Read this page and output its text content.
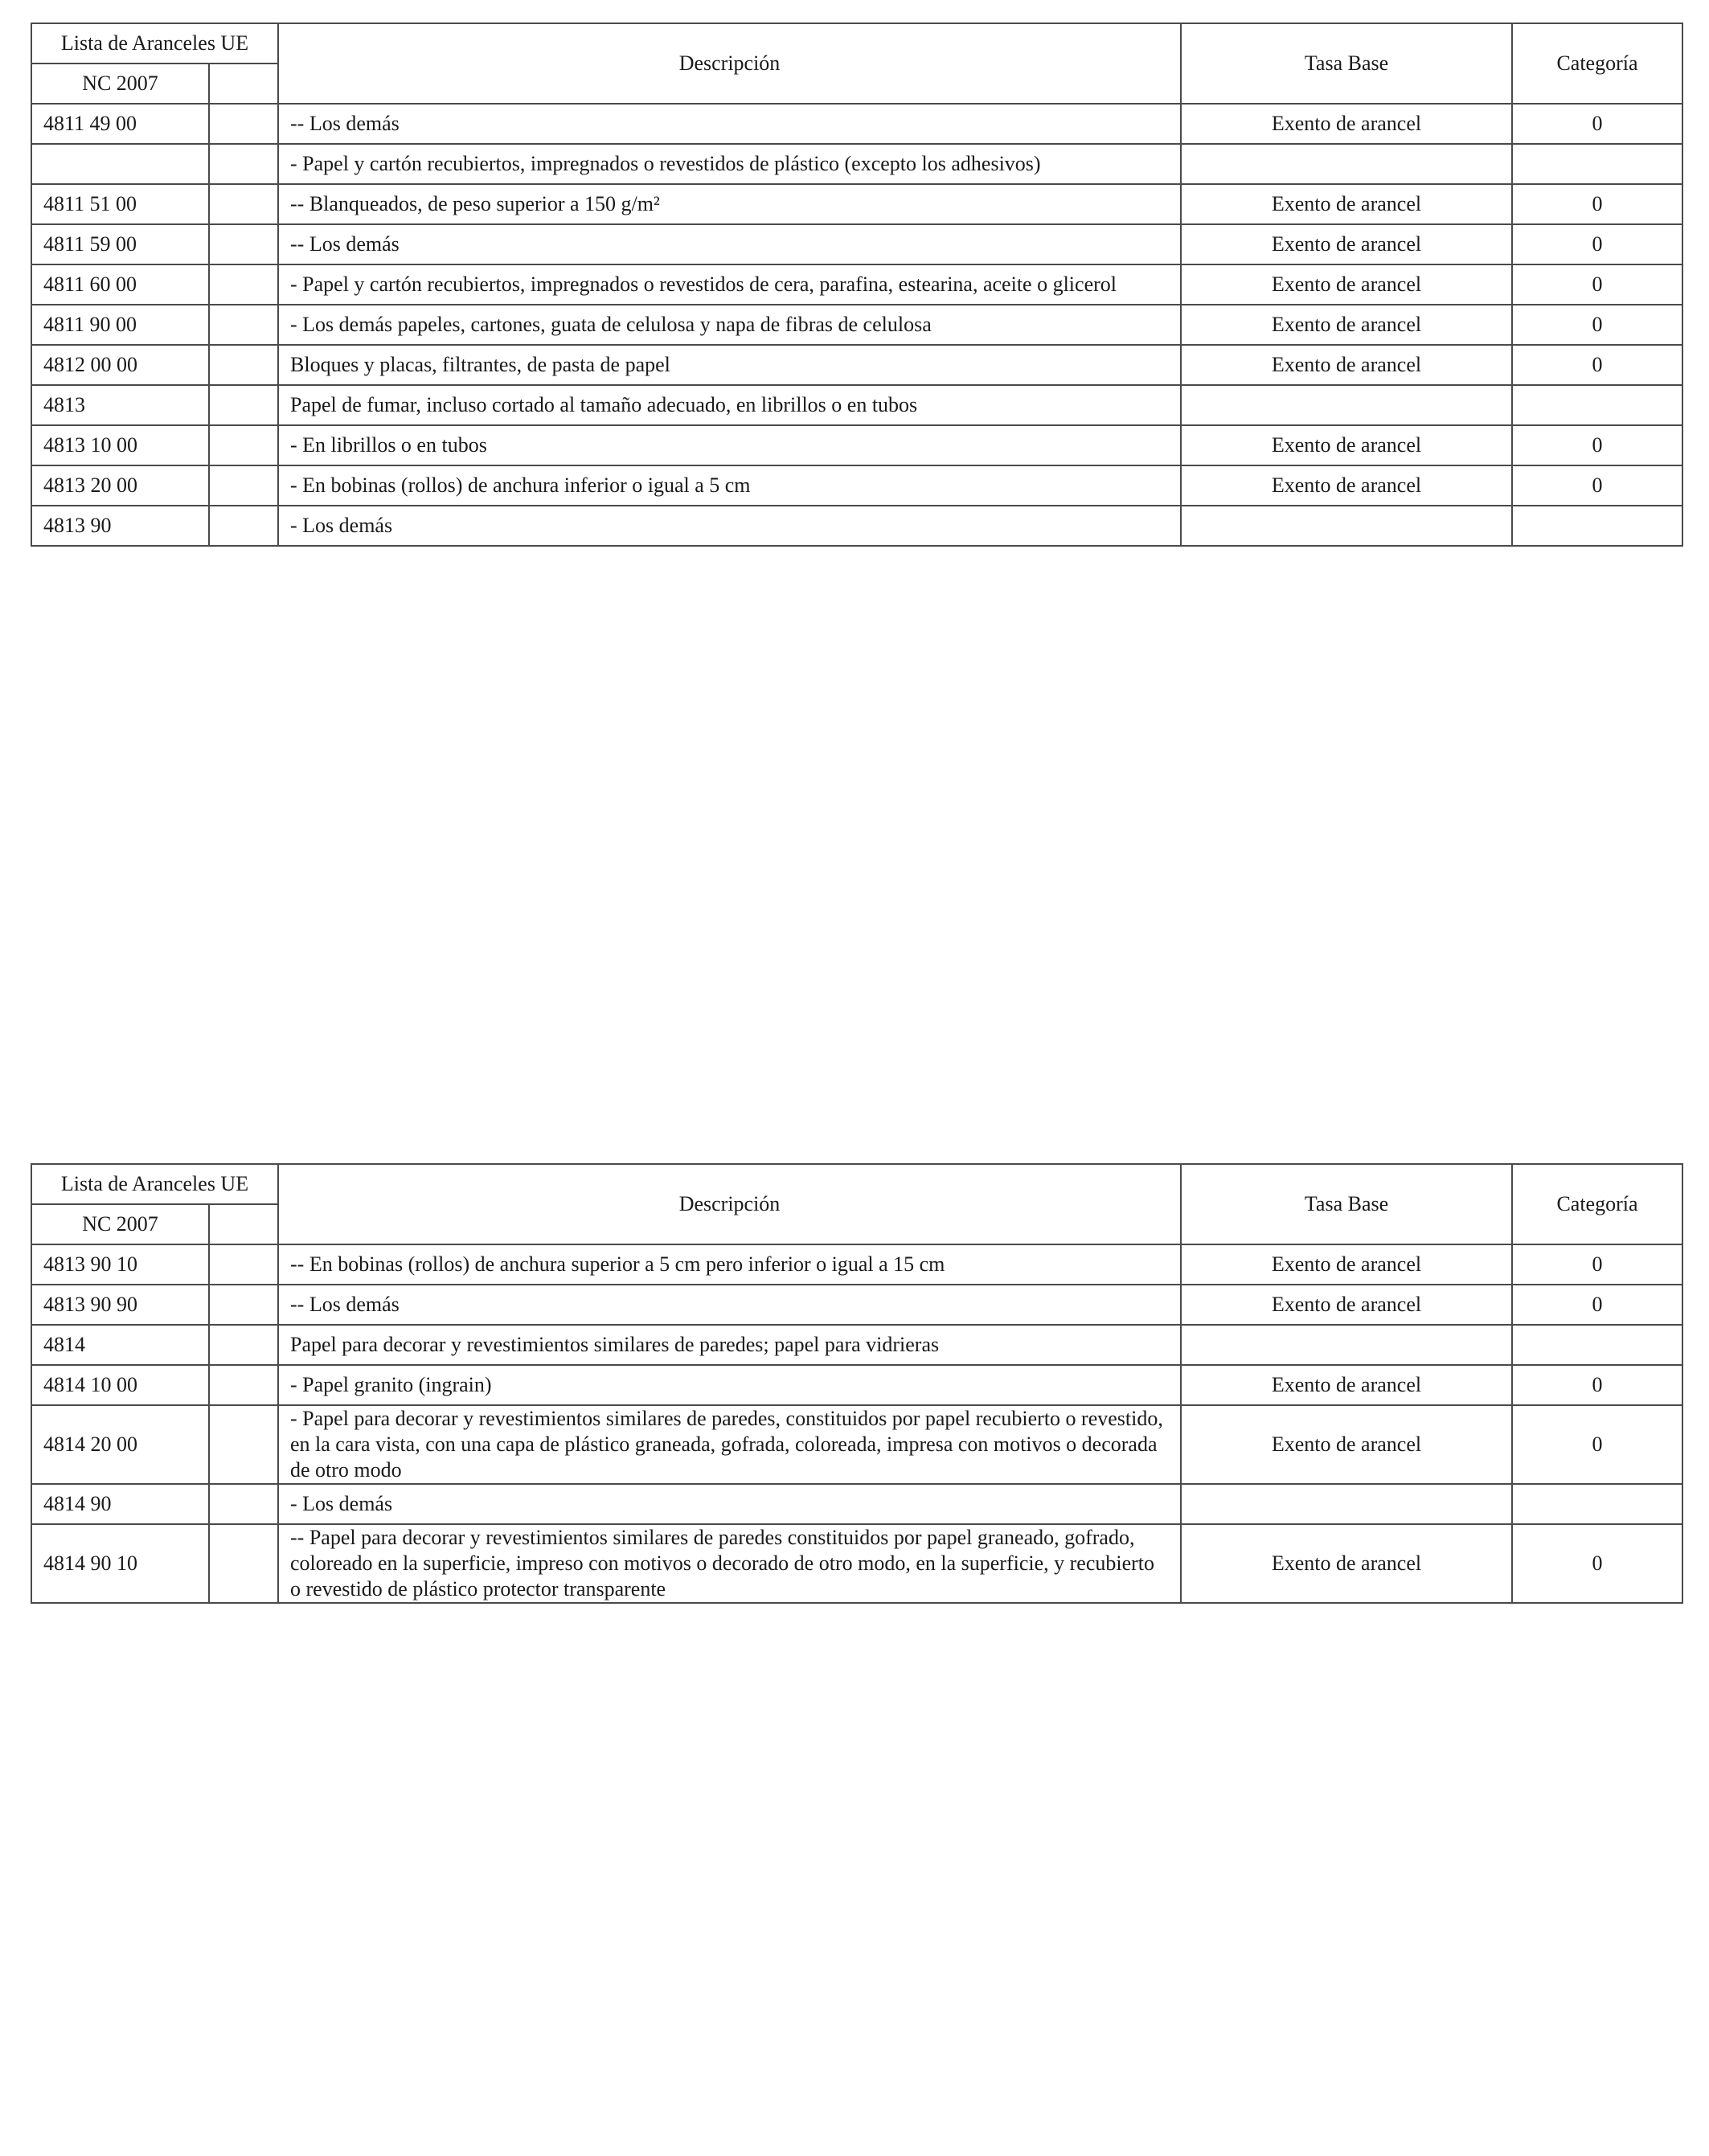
Lista de Aranceles UE		Descripción	Tasa Base	Categoría
NC 2007				
4811 49 00		-- Los demás	Exento de arancel	0
		- Papel y cartón recubiertos, impregnados o revestidos de plástico (excepto los adhesivos)		
4811 51 00		-- Blanqueados, de peso superior a 150 g/m²	Exento de arancel	0
4811 59 00		-- Los demás	Exento de arancel	0
4811 60 00		- Papel y cartón recubiertos, impregnados o revestidos de cera, parafina, estearina, aceite o glicerol	Exento de arancel	0
4811 90 00		- Los demás papeles, cartones, guata de celulosa y napa de fibras de celulosa	Exento de arancel	0
4812 00 00		Bloques y placas, filtrantes, de pasta de papel	Exento de arancel	0
4813		Papel de fumar, incluso cortado al tamaño adecuado, en librillos o en tubos		
4813 10 00		- En librillos o en tubos	Exento de arancel	0
4813 20 00		- En bobinas (rollos) de anchura inferior o igual a 5 cm	Exento de arancel	0
4813 90		- Los demás		
Lista de Aranceles UE		Descripción	Tasa Base	Categoría
NC 2007				
4813 90 10		-- En bobinas (rollos) de anchura superior a 5 cm pero inferior o igual a 15 cm	Exento de arancel	0
4813 90 90		-- Los demás	Exento de arancel	0
4814		Papel para decorar y revestimientos similares de paredes; papel para vidrieras		
4814 10 00		- Papel granito (ingrain)	Exento de arancel	0
4814 20 00		- Papel para decorar y revestimientos similares de paredes, constituidos por papel recubierto o revestido, en la cara vista, con una capa de plástico graneada, gofrada, coloreada, impresa con motivos o decorada de otro modo	Exento de arancel	0
4814 90		- Los demás		
4814 90 10		-- Papel para decorar y revestimientos similares de paredes constituidos por papel graneado, gofrado, coloreado en la superficie, impreso con motivos o decorado de otro modo, en la superficie, y recubierto o revestido de plástico protector transparente	Exento de arancel	0
